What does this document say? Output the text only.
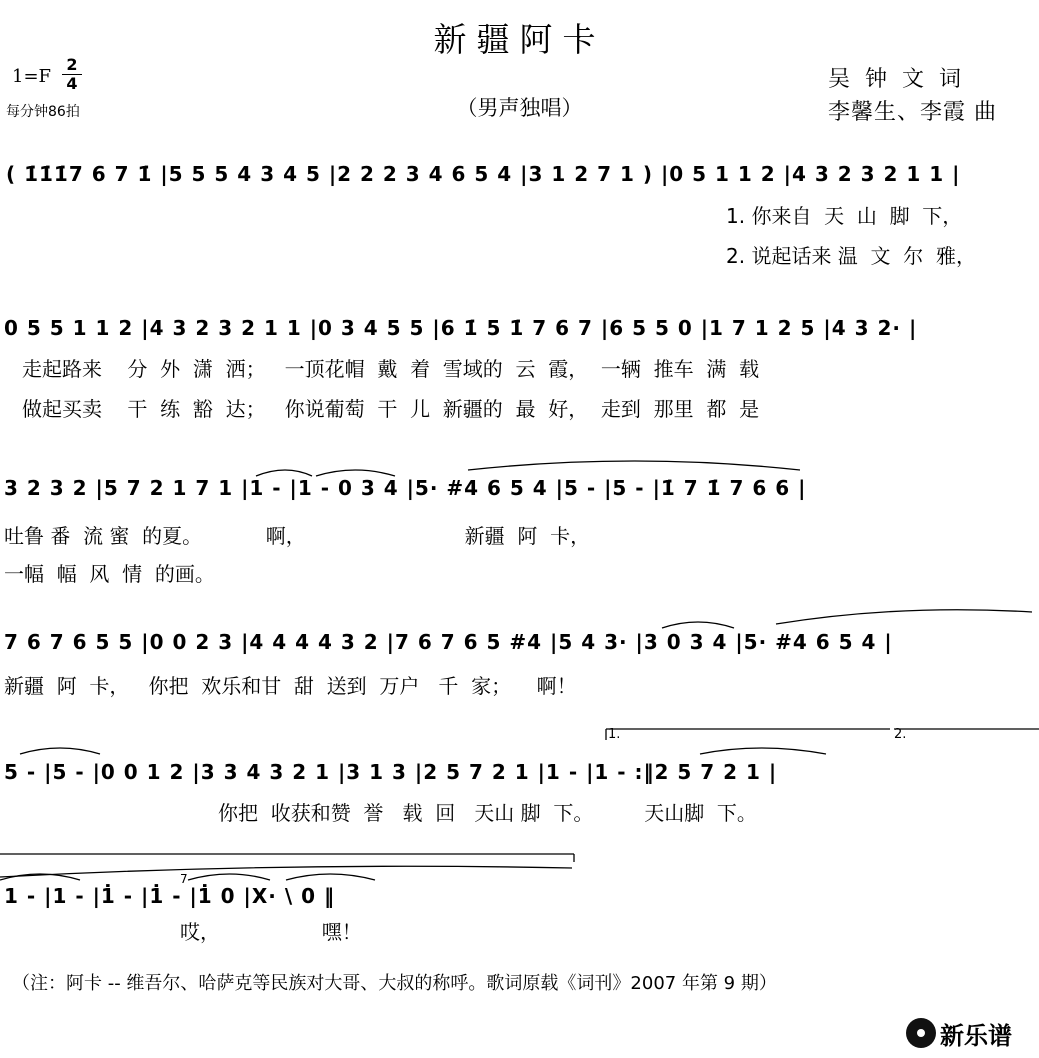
新疆阿卡
1=F
2
4
每分钟86拍	（男声独唱）
吴 钟 文 词
李馨生、李霞 曲
( 1̇1̇1̇7 6 7 1̇ |5 5 5 4 3 4 5 |2 2 2 3 4 6 5 4 |3 1 2 7 1 ) |0 5 1 1 2 |4 3 2 3 2 1 1 |
1. 你来自  天  山  脚  下，
2. 说起话来 温  文  尔  雅，
0 5 5 1 1 2 |4 3 2 3 2 1 1 |0 3 4 5 5 |6 1̇ 5 1̇ 7 6 7 |6 5 5 0 |1 7 1 2 5 |4 3 2· |
走起路来    分  外  潇  洒；   一顶花帽  戴  着  雪域的  云  霞，  一辆  推车  满  载
做起买卖    干  练  豁  达；   你说葡萄  干  儿  新疆的  最  好，  走到  那里  都  是
3 2 3 2 |5 7 2 1 7 1 |1 - |1 - 0 3 4 |5· #4 6 5 4 |5 - |5 - |1̇ 7 1̇ 7 6 6 |
吐鲁 番  流 蜜  的夏。          啊，                         新疆  阿  卡，
一幅  幅  风  情  的画。
7 6 7 6 5 5 |0 0 2 3 |4 4 4 4 3 2 |7 6 7 6 5 #4 |5 4 3· |3 0 3 4 |5· #4 6 5 4 |
新疆  阿  卡，   你把  欢乐和甘  甜  送到  万户   千  家；    啊！
1.	2.
5 - |5 - |0 0 1 2 |3 3 4 3 2 1 |3 1 3 |2 5 7 2 1 |1 - |1 - :‖2 5 7 2 1 |
你把  收获和赞  誉   载  回   天山 脚  下。        天山脚  下。
7
1 - |1 - |1̇ - |1̇ - |1̇ 0 |X· \ 0 ‖
哎，                嘿！
（注：阿卡 -- 维吾尔、哈萨克等民族对大哥、大叔的称呼。歌词原载《词刊》2007 年第 9 期）
新乐谱
